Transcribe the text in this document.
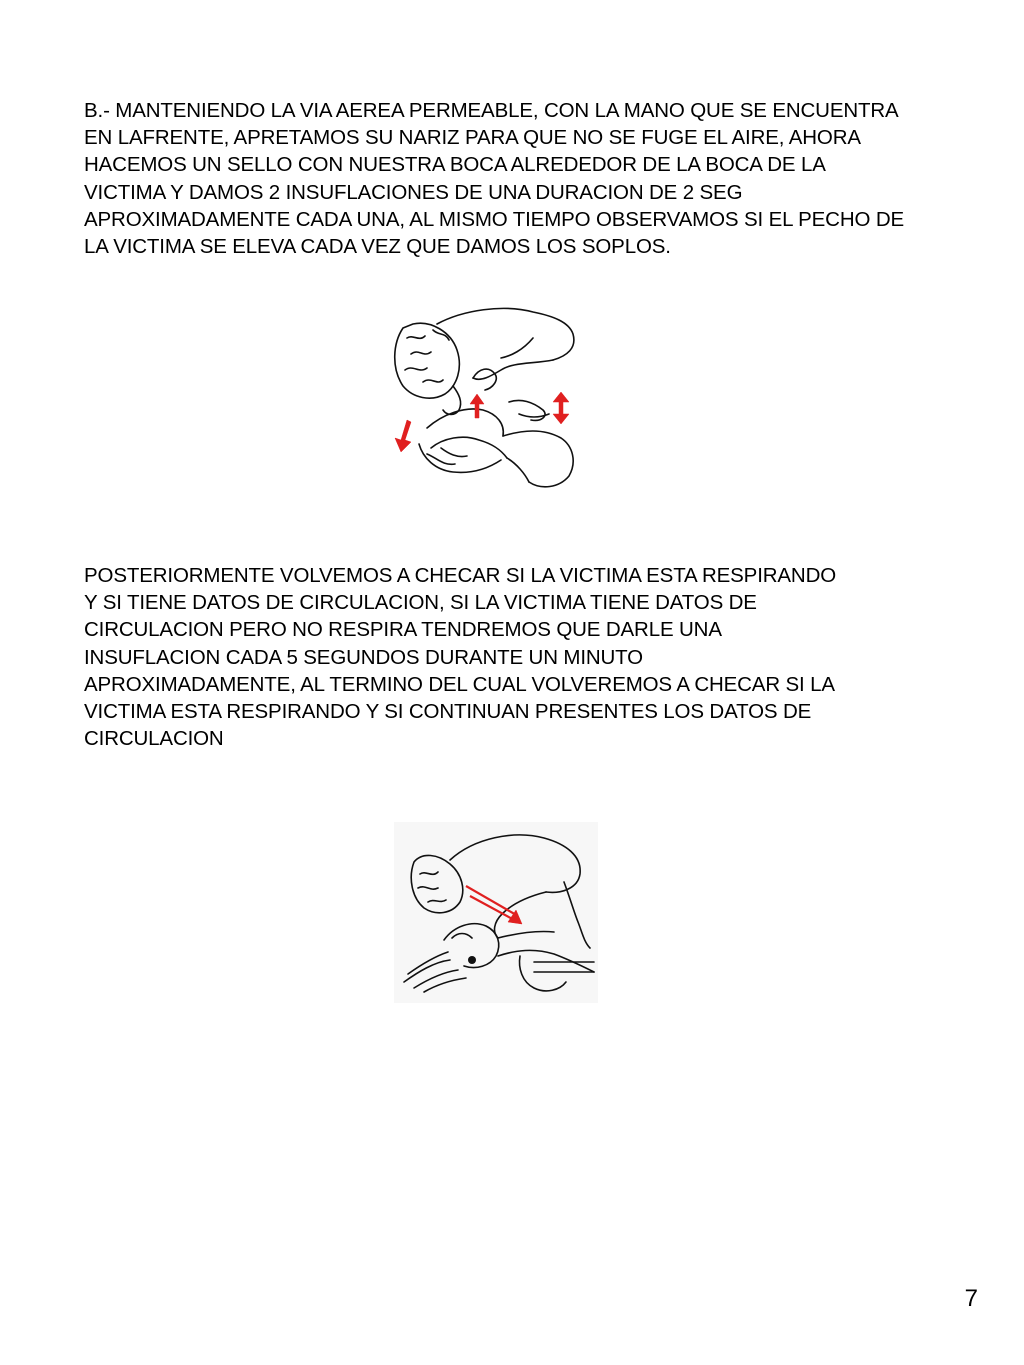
B.- MANTENIENDO LA VIA AEREA PERMEABLE, CON LA MANO QUE SE ENCUENTRA
EN LAFRENTE, APRETAMOS SU NARIZ PARA QUE NO SE FUGE EL AIRE, AHORA
HACEMOS UN SELLO CON NUESTRA BOCA ALREDEDOR DE LA BOCA DE LA
VICTIMA Y DAMOS 2 INSUFLACIONES DE UNA DURACION DE 2 SEG
APROXIMADAMENTE CADA UNA, AL MISMO TIEMPO OBSERVAMOS SI EL PECHO DE
LA VICTIMA SE ELEVA CADA VEZ QUE DAMOS LOS SOPLOS.
POSTERIORMENTE VOLVEMOS A CHECAR SI LA VICTIMA ESTA RESPIRANDO
Y SI TIENE DATOS DE CIRCULACION, SI LA VICTIMA TIENE DATOS DE
CIRCULACION PERO NO RESPIRA TENDREMOS QUE DARLE UNA
INSUFLACION CADA 5 SEGUNDOS DURANTE UN MINUTO
APROXIMADAMENTE, AL TERMINO DEL CUAL VOLVEREMOS A CHECAR SI LA
VICTIMA ESTA RESPIRANDO Y SI CONTINUAN PRESENTES LOS DATOS DE
CIRCULACION
7
